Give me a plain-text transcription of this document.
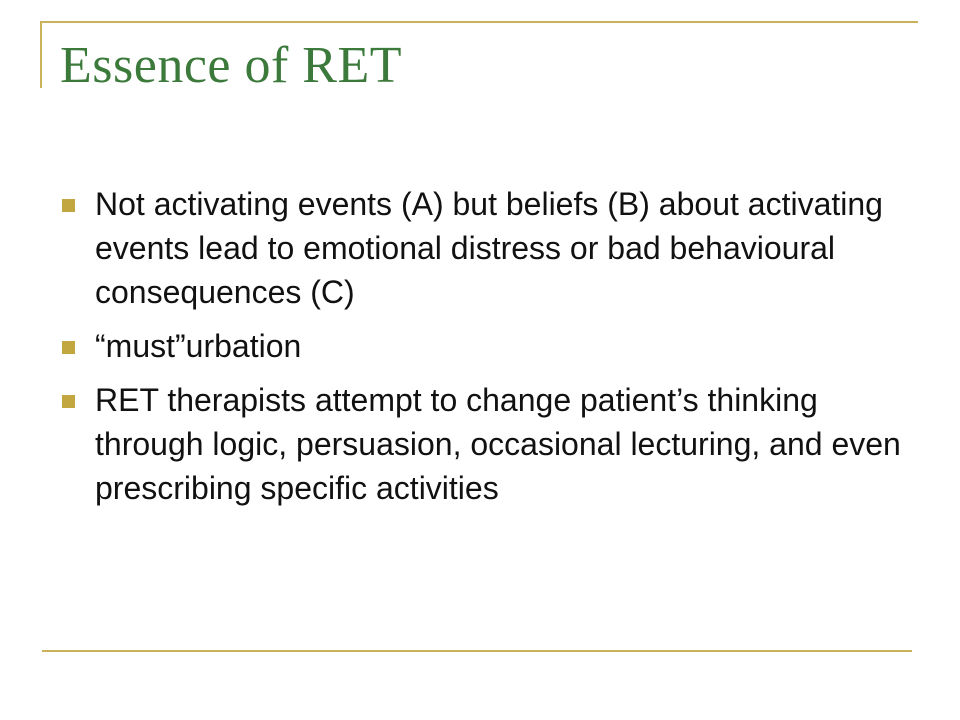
Essence of RET
Not activating events (A) but beliefs (B) about activating events lead to emotional distress or bad behavioural consequences (C)
“must”urbation
RET therapists attempt to change patient’s thinking through logic, persuasion, occasional lecturing, and even prescribing specific activities
